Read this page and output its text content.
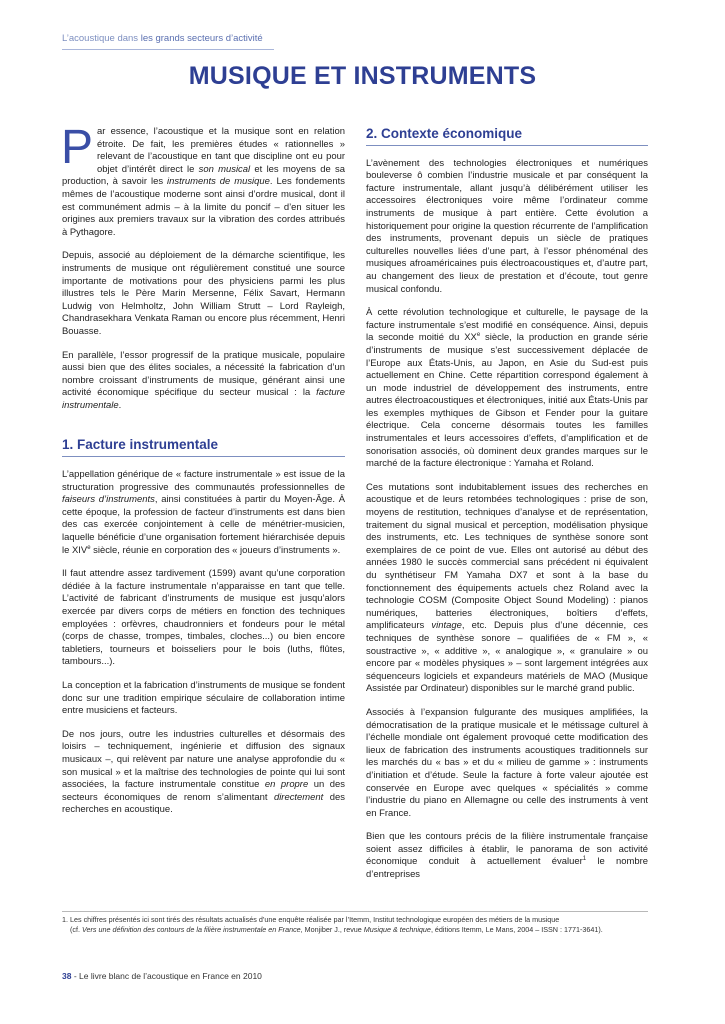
L’acoustique dans les grands secteurs d’activité
MUSIQUE ET INSTRUMENTS

Par essence, l’acoustique et la musique sont en relation étroite. De fait, les premières études « rationnelles » relevant de l’acoustique en tant que discipline ont eu pour objet d’intérêt direct le son musical et les moyens de sa production, à savoir les instruments de musique. Les fondements mêmes de l’acoustique moderne sont ainsi d’ordre musical, dont il est communément admis – à la limite du poncif – d’en situer les origines aux premiers travaux sur la vibration des cordes attribués à Pythagore.

Depuis, associé au déploiement de la démarche scientifique, les instruments de musique ont régulièrement constitué une source importante de motivations pour des physiciens parmi les plus illustres tels le Père Marin Mersenne, Félix Savart, Hermann Ludwig von Helmholtz, John William Strutt – Lord Rayleigh, Chandrasekhara Venkata Raman ou encore plus récemment, Henri Bouasse.

En parallèle, l’essor progressif de la pratique musicale, populaire aussi bien que des élites sociales, a nécessité la fabrication d’un nombre croissant d’instruments de musique, générant ainsi une activité économique spécifique du secteur musical : la facture instrumentale.

1. Facture instrumentale

L’appellation générique de « facture instrumentale » est issue de la structuration progressive des communautés professionnelles de faiseurs d’instruments, ainsi constituées à partir du Moyen-Âge. À cette époque, la profession de facteur d’instruments est dans bien des cas exercée conjointement à celle de ménétrier-musicien, laquelle bénéficie d’une organisation fortement hiérarchisée depuis le XIVe siècle, réunie en corporation des « joueurs d’instruments ».

Il faut attendre assez tardivement (1599) avant qu’une corporation dédiée à la facture instrumentale n’apparaisse en tant que telle. L’activité de fabricant d’instruments de musique est jusqu’alors exercée par divers corps de métiers en fonction des techniques employées : orfèvres, chaudronniers et fondeurs pour le métal (corps de chasse, trompes, timbales, cloches...) ou bien encore tabletiers, tourneurs et boisseliers pour le bois (luths, flûtes, tambours...).

La conception et la fabrication d’instruments de musique se fondent donc sur une tradition empirique séculaire de collaboration intime entre musiciens et facteurs.

De nos jours, outre les industries culturelles et désormais des loisirs – techniquement, ingénierie et diffusion des signaux musicaux –, qui relèvent par nature une analyse approfondie du « son musical » et la maîtrise des technologies de pointe qui lui sont associées, la facture instrumentale constitue en propre un des secteurs économiques de renom s’alimentant directement des recherches en acoustique.

2. Contexte économique

L’avènement des technologies électroniques et numériques bouleverse ô combien l’industrie musicale et par conséquent la facture instrumentale, allant jusqu’à délibérément utiliser les accessoires électroniques voire même l’ordinateur comme instruments de musique à part entière. Cette évolution a historiquement pour origine la question récurrente de l’amplification des instruments, provenant depuis un siècle de pratiques culturelles nouvelles liées d’une part, à l’essor phénoménal des musiques afroaméricaines puis électroacoustiques et, d’autre part, au changement des lieux de prestation et d’écoute, tout genre musical confondu.

À cette révolution technologique et culturelle, le paysage de la facture instrumentale s’est modifié en conséquence. Ainsi, depuis la seconde moitié du XXe siècle, la production en grande série d’instruments de musique s’est successivement déplacée de l’Europe aux États-Unis, au Japon, en Asie du Sud-est puis actuellement en Chine. Cette répartition correspond également à un mode industriel de développement des instruments, entre autres électroacoustiques et électroniques, initié aux États-Unis par les exemples mythiques de Gibson et Fender pour la guitare électrique. Cela concerne désormais toutes les familles instrumentales et leurs accessoires d’effets, d’amplification et de sonorisation associés, où dominent deux grandes marques sur le marché de la facture électronique : Yamaha et Roland.

Ces mutations sont indubitablement issues des recherches en acoustique et de leurs retombées technologiques : prise de son, moyens de restitution, techniques d’analyse et de représentation, traitement du signal musical et perception, modélisation physique des instruments, etc. Les techniques de synthèse sonore sont exemplaires de ce point de vue. Elles ont autorisé au début des années 1980 le succès commercial sans précédent ni équivalent du synthétiseur FM Yamaha DX7 et sont à la base du fonctionnement des équipements actuels chez Roland avec la technologie COSM (Composite Object Sound Modeling) : pianos numériques, batteries électroniques, boîtiers d’effets, amplificateurs vintage, etc. Depuis plus d’une décennie, ces techniques de synthèse sonore – qualifiées de « FM », « soustractive », « additive », « analogique », « granulaire » ou encore par « modèles physiques » – sont largement intégrées aux séquenceurs logiciels et expandeurs matériels de MAO (Musique Assistée par Ordinateur) disponibles sur le marché grand public.

Associés à l’expansion fulgurante des musiques amplifiées, la démocratisation de la pratique musicale et le métissage culturel à l’échelle mondiale ont également provoqué cette modification des lieux de fabrication des instruments acoustiques traditionnels sur les marchés du « bas » et du « milieu de gamme » : instruments d’initiation et d’étude. Seule la facture à forte valeur ajoutée est conservée en Europe avec quelques « spécialités » comme l’industrie du piano en Allemagne ou celle des instruments à vent en France.

Bien que les contours précis de la filière instrumentale française soient assez difficiles à établir, le panorama de son activité économique conduit à actuellement évaluer$^1$ le nombre d’entreprises

1. Les chiffres présentés ici sont tirés des résultats actualisés d’une enquête réalisée par l’Itemm, Institut technologique européen des métiers de la musique
(cf. Vers une définition des contours de la filière instrumentale en France, Monjiber J., revue Musique & technique, éditions Itemm, Le Mans, 2004 – ISSN : 1771-3641).
38 - Le livre blanc de l’acoustique en France en 2010
